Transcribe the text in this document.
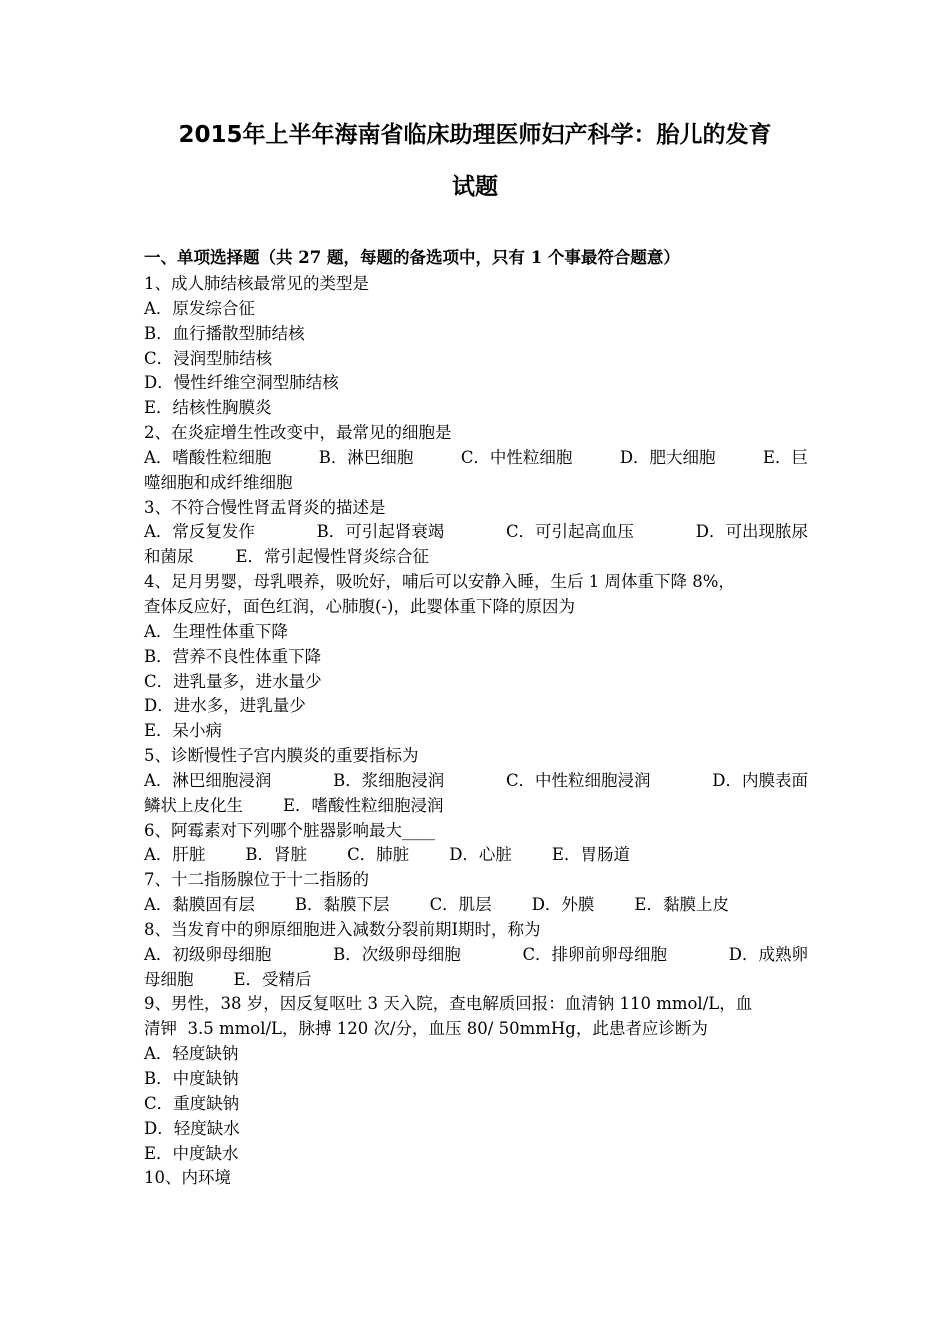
2015年上半年海南省临床助理医师妇产科学：胎儿的发育
试题
一、单项选择题（共 27 题，每题的备选项中，只有 1 个事最符合题意）
1、成人肺结核最常见的类型是
A．原发综合征
B．血行播散型肺结核
C．浸润型肺结核
D．慢性纤维空洞型肺结核
E．结核性胸膜炎
2、在炎症增生性改变中，最常见的细胞是
A．嗜酸性粒细胞	B．淋巴细胞	C．中性粒细胞	D．肥大细胞	E．巨
噬细胞和成纤维细胞
3、不符合慢性肾盂肾炎的描述是
A．常反复发作	B．可引起肾衰竭	C．可引起高血压	D．可出现脓尿
和菌尿	E．常引起慢性肾炎综合征
4、足月男婴，母乳喂养，吸吮好，哺后可以安静入睡，生后 1 周体重下降 8%，
查体反应好，面色红润，心肺腹(-)，此婴体重下降的原因为
A．生理性体重下降
B．营养不良性体重下降
C．进乳量多，进水量少
D．进水多，进乳量少
E．呆小病
5、诊断慢性子宫内膜炎的重要指标为
A．淋巴细胞浸润	B．浆细胞浸润	C．中性粒细胞浸润	D．内膜表面
鳞状上皮化生 E．嗜酸性粒细胞浸润
6、阿霉素对下列哪个脏器影响最大____
A．肝脏 B．肾脏 C．肺脏 D．心脏 E．胃肠道
7、十二指肠腺位于十二指肠的
A．黏膜固有层 B．黏膜下层 C．肌层 D．外膜 E．黏膜上皮
8、当发育中的卵原细胞进入减数分裂前期Ⅰ期时，称为
A．初级卵母细胞	B．次级卵母细胞	C．排卵前卵母细胞	D．成熟卵
母细胞 E．受精后
9、男性，38 岁，因反复呕吐 3 天入院，查电解质回报：血清钠 110 mmol/L，血
清钾  3.5 mmol/L，脉搏 120 次/分，血压 80/ 50mmHg，此患者应诊断为
A．轻度缺钠
B．中度缺钠
C．重度缺钠
D．轻度缺水
E．中度缺水
10、内环境
